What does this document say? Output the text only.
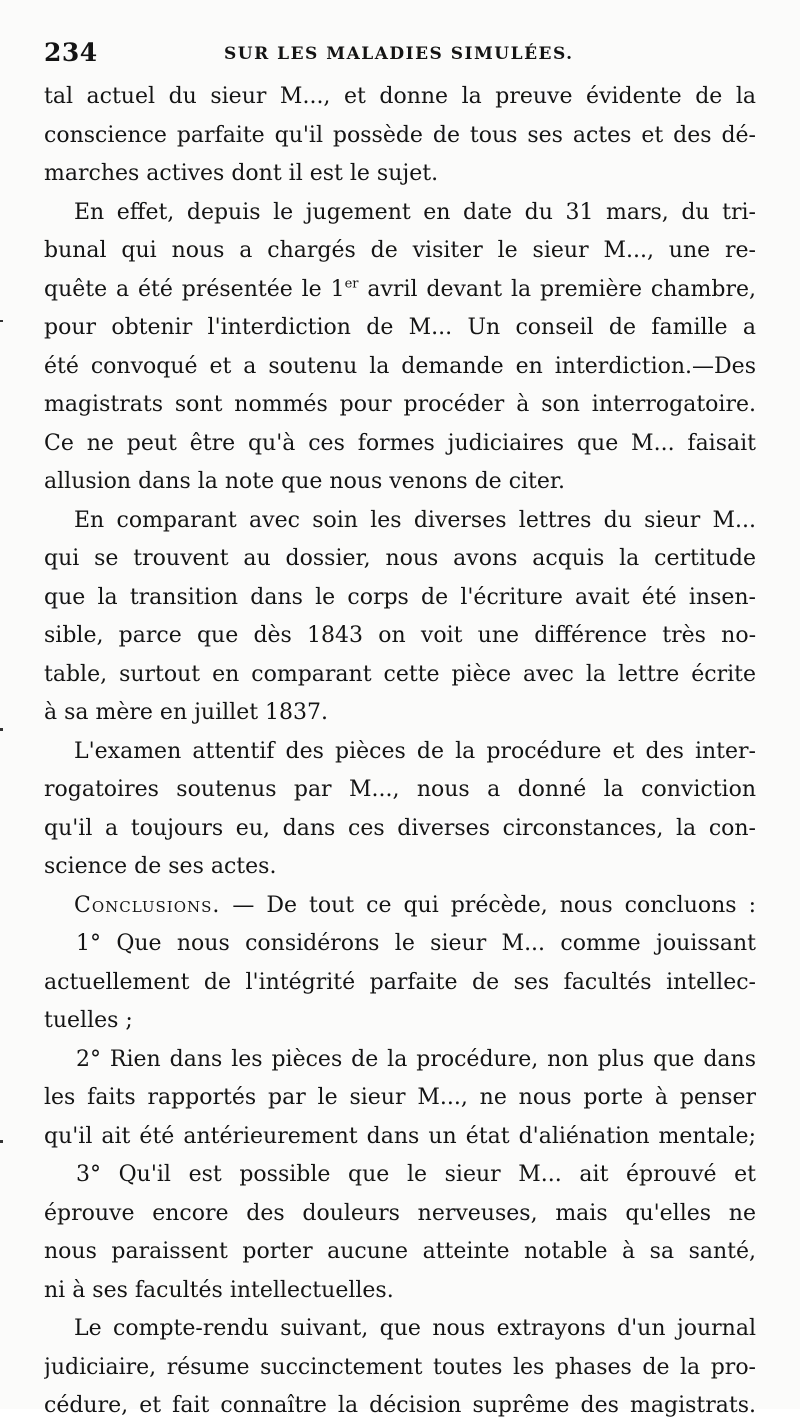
234	SUR LES MALADIES SIMULÉES.
tal actuel du sieur M..., et donne la preuve évidente de la
conscience parfaite qu'il possède de tous ses actes et des dé-
marches actives dont il est le sujet.
En effet, depuis le jugement en date du 31 mars, du tri-
bunal qui nous a chargés de visiter le sieur M..., une re-
quête a été présentée le 1er avril devant la première chambre,
pour obtenir l'interdiction de M... Un conseil de famille a
été convoqué et a soutenu la demande en interdiction.—Des
magistrats sont nommés pour procéder à son interrogatoire.
Ce ne peut être qu'à ces formes judiciaires que M... faisait
allusion dans la note que nous venons de citer.
En comparant avec soin les diverses lettres du sieur M...
qui se trouvent au dossier, nous avons acquis la certitude
que la transition dans le corps de l'écriture avait été insen-
sible, parce que dès 1843 on voit une différence très no-
table, surtout en comparant cette pièce avec la lettre écrite
à sa mère en juillet 1837.
L'examen attentif des pièces de la procédure et des inter-
rogatoires soutenus par M..., nous a donné la conviction
qu'il a toujours eu, dans ces diverses circonstances, la con-
science de ses actes.
Conclusions. — De tout ce qui précède, nous concluons :
1° Que nous considérons le sieur M... comme jouissant
actuellement de l'intégrité parfaite de ses facultés intellec-
tuelles ;
2° Rien dans les pièces de la procédure, non plus que dans
les faits rapportés par le sieur M..., ne nous porte à penser
qu'il ait été antérieurement dans un état d'aliénation mentale;
3° Qu'il est possible que le sieur M... ait éprouvé et
éprouve encore des douleurs nerveuses, mais qu'elles ne
nous paraissent porter aucune atteinte notable à sa santé,
ni à ses facultés intellectuelles.
Le compte-rendu suivant, que nous extrayons d'un journal
judiciaire, résume succinctement toutes les phases de la pro-
cédure, et fait connaître la décision suprême des magistrats.
